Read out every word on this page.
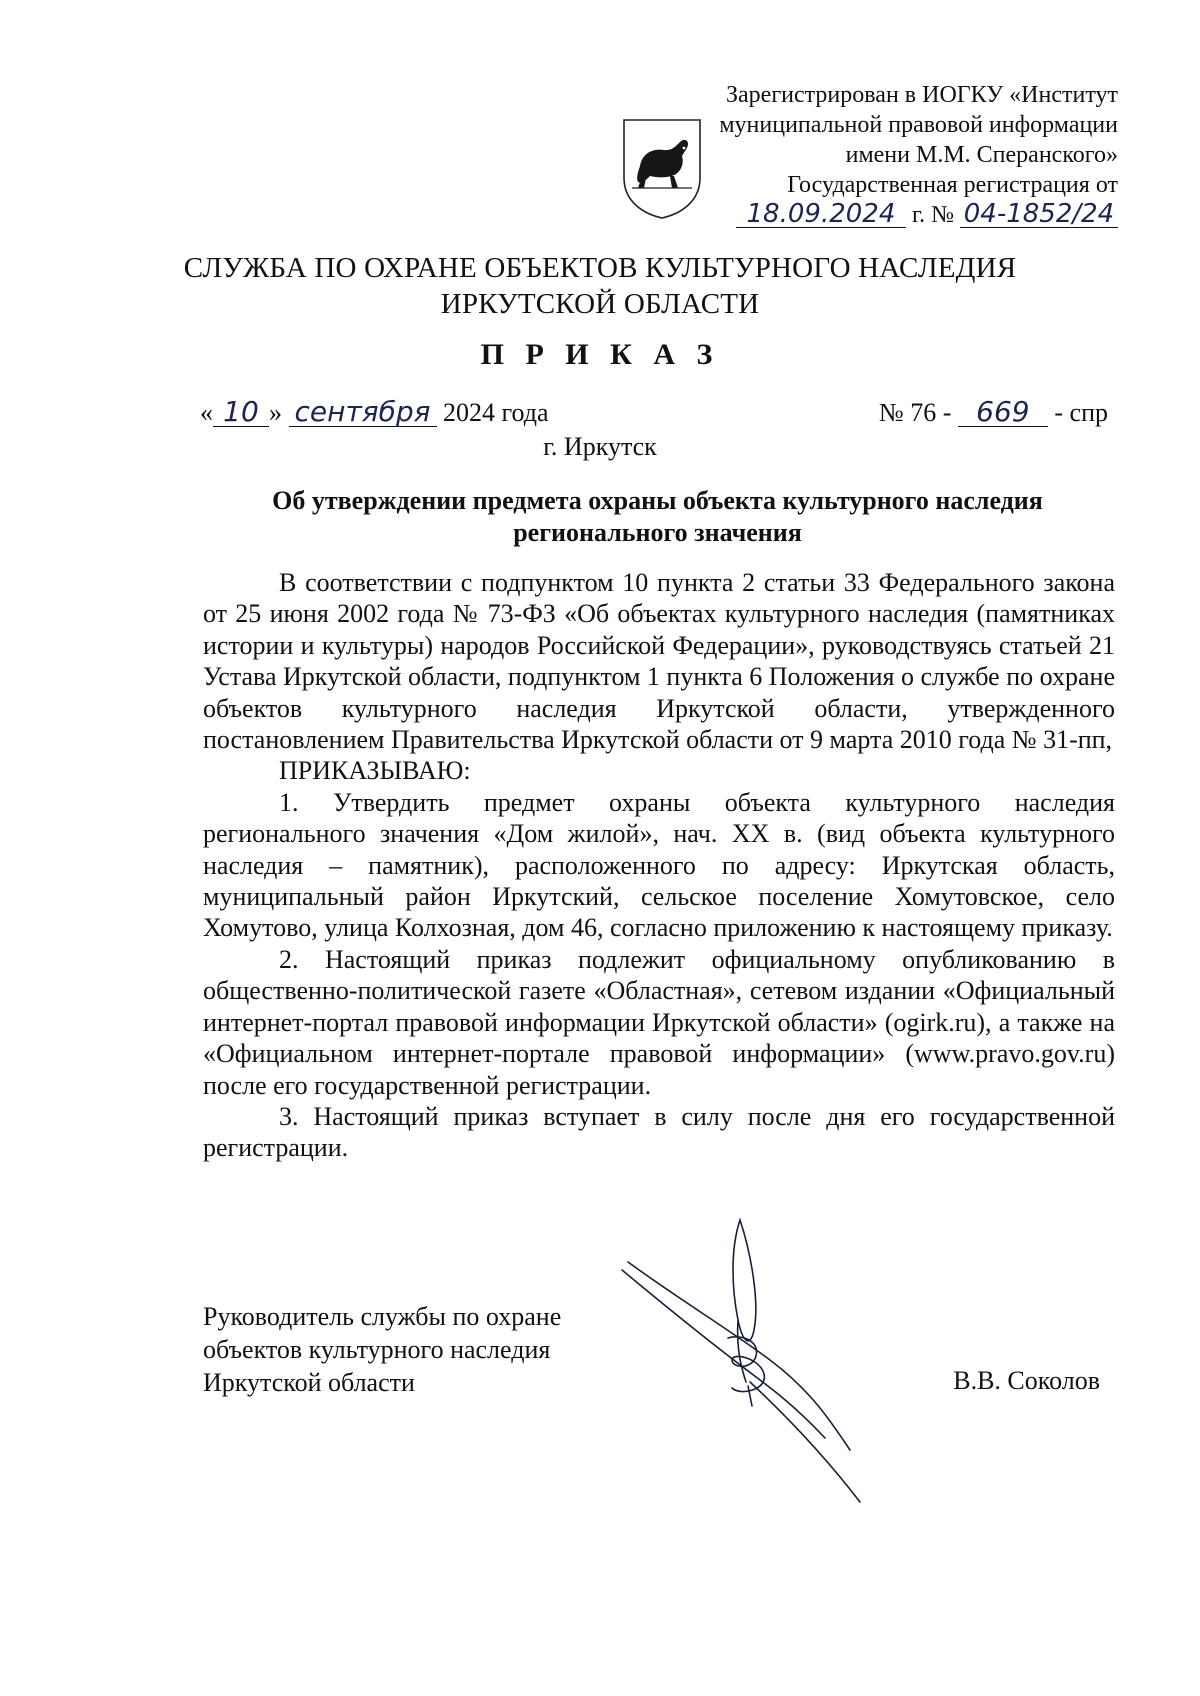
Зарегистрирован в ИОГКУ «Институт
муниципальной правовой информации
имени М.М. Сперанского»
Государственная регистрация от
18.09.2024 г. № 04-1852/24
СЛУЖБА ПО ОХРАНЕ ОБЪЕКТОВ КУЛЬТУРНОГО НАСЛЕДИЯ
ИРКУТСКОЙ ОБЛАСТИ
П Р И К А З
« 10 » сентября 2024 года	№ 76 - 669 - спр
г. Иркутск
Об утверждении предмета охраны объекта культурного наследия
регионального значения

В соответствии с подпунктом 10 пункта 2 статьи 33 Федерального закона от 25 июня 2002 года № 73-ФЗ «Об объектах культурного наследия (памятниках истории и культуры) народов Российской Федерации», руководствуясь статьей 21 Устава Иркутской области, подпунктом 1 пункта 6 Положения о службе по охране объектов культурного наследия Иркутской области, утвержденного постановлением Правительства Иркутской области от 9 марта 2010 года № 31-пп,

ПРИКАЗЫВАЮ:

1. Утвердить предмет охраны объекта культурного наследия регионального значения «Дом жилой», нач. XX в. (вид объекта культурного наследия – памятник), расположенного по адресу: Иркутская область, муниципальный район Иркутский, сельское поселение Хомутовское, село Хомутово, улица Колхозная, дом 46, согласно приложению к настоящему приказу.

2. Настоящий приказ подлежит официальному опубликованию в общественно-политической газете «Областная», сетевом издании «Официальный интернет-портал правовой информации Иркутской области» (ogirk.ru), а также на «Официальном интернет-портале правовой информации» (www.pravo.gov.ru) после его государственной регистрации.

3. Настоящий приказ вступает в силу после дня его государственной регистрации.

Руководитель службы по охране
объектов культурного наследия
Иркутской области	В.В. Соколов
